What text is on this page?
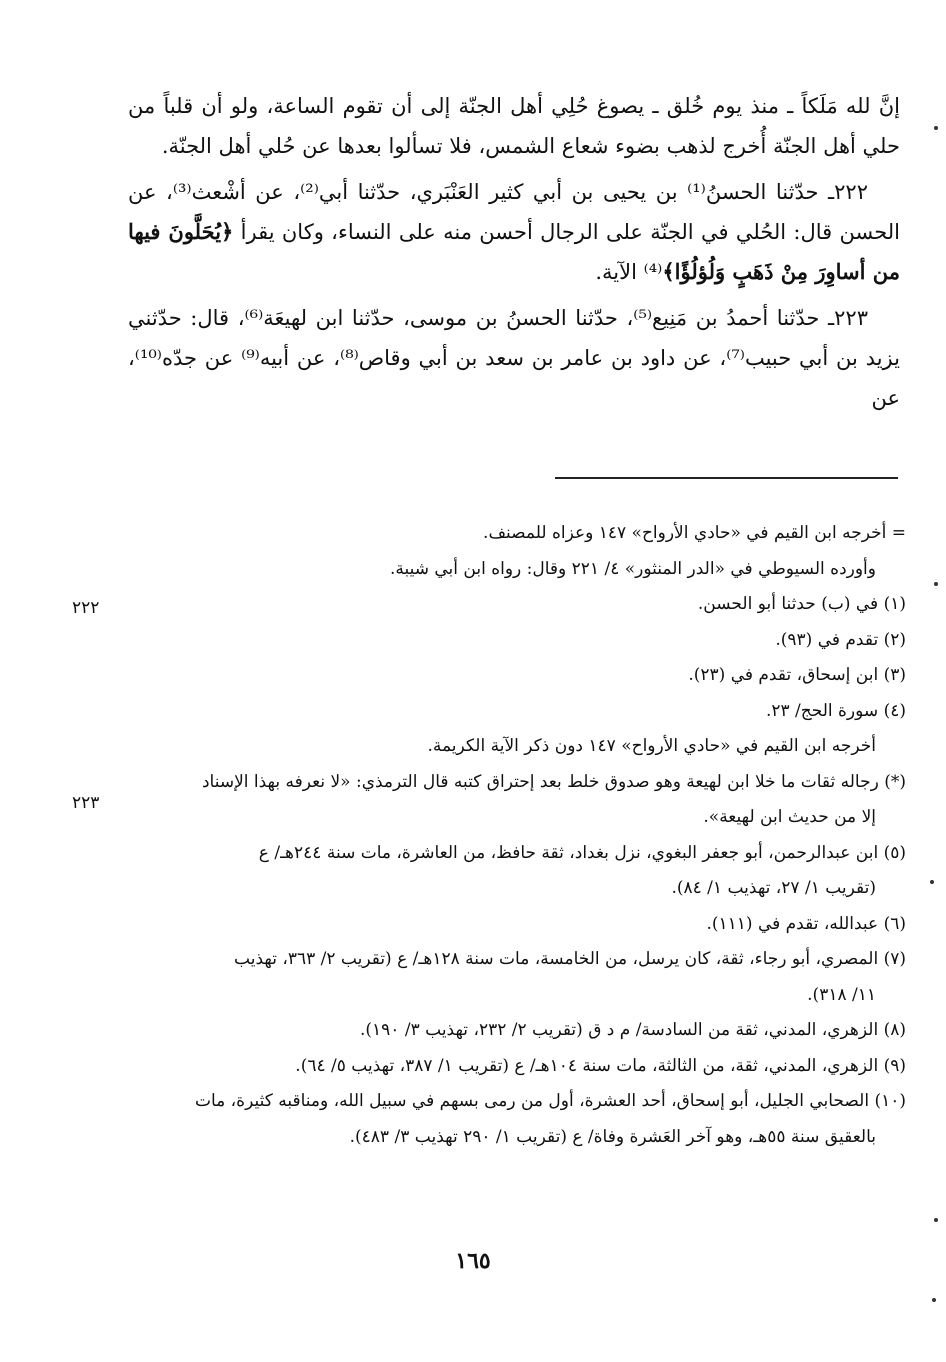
إنَّ لله مَلَكاً ـ منذ يوم خُلق ـ يصوغ حُلِي أهل الجنّة إلى أن تقوم الساعة، ولو أن قلباً من حلي أهل الجنّة أُخرج لذهب بضوء شعاع الشمس، فلا تسألوا بعدها عن حُلي أهل الجنّة.

٢٢٢ـ حدّثنا الحسنُ⁽¹⁾ بن يحيى بن أبي كثير العَنْبَري، حدّثنا أبي⁽²⁾، عن أشْعث⁽³⁾، عن الحسن قال: الحُلي في الجنّة على الرجال أحسن منه على النساء، وكان يقرأ ﴿يُحَلَّونَ فيها من أساوِرَ مِنْ ذَهَبٍ وَلُؤلُؤًا﴾⁽⁴⁾ الآية.

٢٢٣ـ حدّثنا أحمدُ بن مَنِيع⁽⁵⁾، حدّثنا الحسنُ بن موسى، حدّثنا ابن لهيعَة⁽⁶⁾، قال: حدّثني يزيد بن أبي حبيب⁽⁷⁾، عن داود بن عامر بن سعد بن أبي وقاص⁽⁸⁾، عن أبيه⁽⁹⁾ عن جدّه⁽¹⁰⁾، عن

= أخرجه ابن القيم في «حادي الأرواح» ١٤٧ وعزاه للمصنف.
وأورده السيوطي في «الدر المنثور» ٤/ ٢٢١ وقال: رواه ابن أبي شيبة.
(١) في (ب) حدثنا أبو الحسن.
(٢) تقدم في (٩٣).
(٣) ابن إسحاق، تقدم في (٢٣).
(٤) سورة الحج/ ٢٣.
أخرجه ابن القيم في «حادي الأرواح» ١٤٧ دون ذكر الآية الكريمة.
(*) رجاله ثقات ما خلا ابن لهيعة وهو صدوق خلط بعد إحتراق كتبه قال الترمذي: «لا نعرفه بهذا الإسناد
إلا من حديث ابن لهيعة».
(٥) ابن عبدالرحمن، أبو جعفر البغوي، نزل بغداد، ثقة حافظ، من العاشرة، مات سنة ٢٤٤هـ/ ع
(تقريب ١/ ٢٧، تهذيب ١/ ٨٤).
(٦) عبدالله، تقدم في (١١١).
(٧) المصري، أبو رجاء، ثقة، كان يرسل، من الخامسة، مات سنة ١٢٨هـ/ ع (تقريب ٢/ ٣٦٣، تهذيب
١١/ ٣١٨).
(٨) الزهري، المدني، ثقة من السادسة/ م د ق (تقريب ٢/ ٢٣٢، تهذيب ٣/ ١٩٠).
(٩) الزهري، المدني، ثقة، من الثالثة، مات سنة ١٠٤هـ/ ع (تقريب ١/ ٣٨٧، تهذيب ٥/ ٦٤).
(١٠) الصحابي الجليل، أبو إسحاق، أحد العشرة، أول من رمى بسهم في سبيل الله، ومناقبه كثيرة، مات
بالعقيق سنة ٥٥هـ، وهو آخر العَشرة وفاة/ ع (تقريب ١/ ٢٩٠ تهذيب ٣/ ٤٨٣).
٢٢٢
٢٢٣
١٦٥
